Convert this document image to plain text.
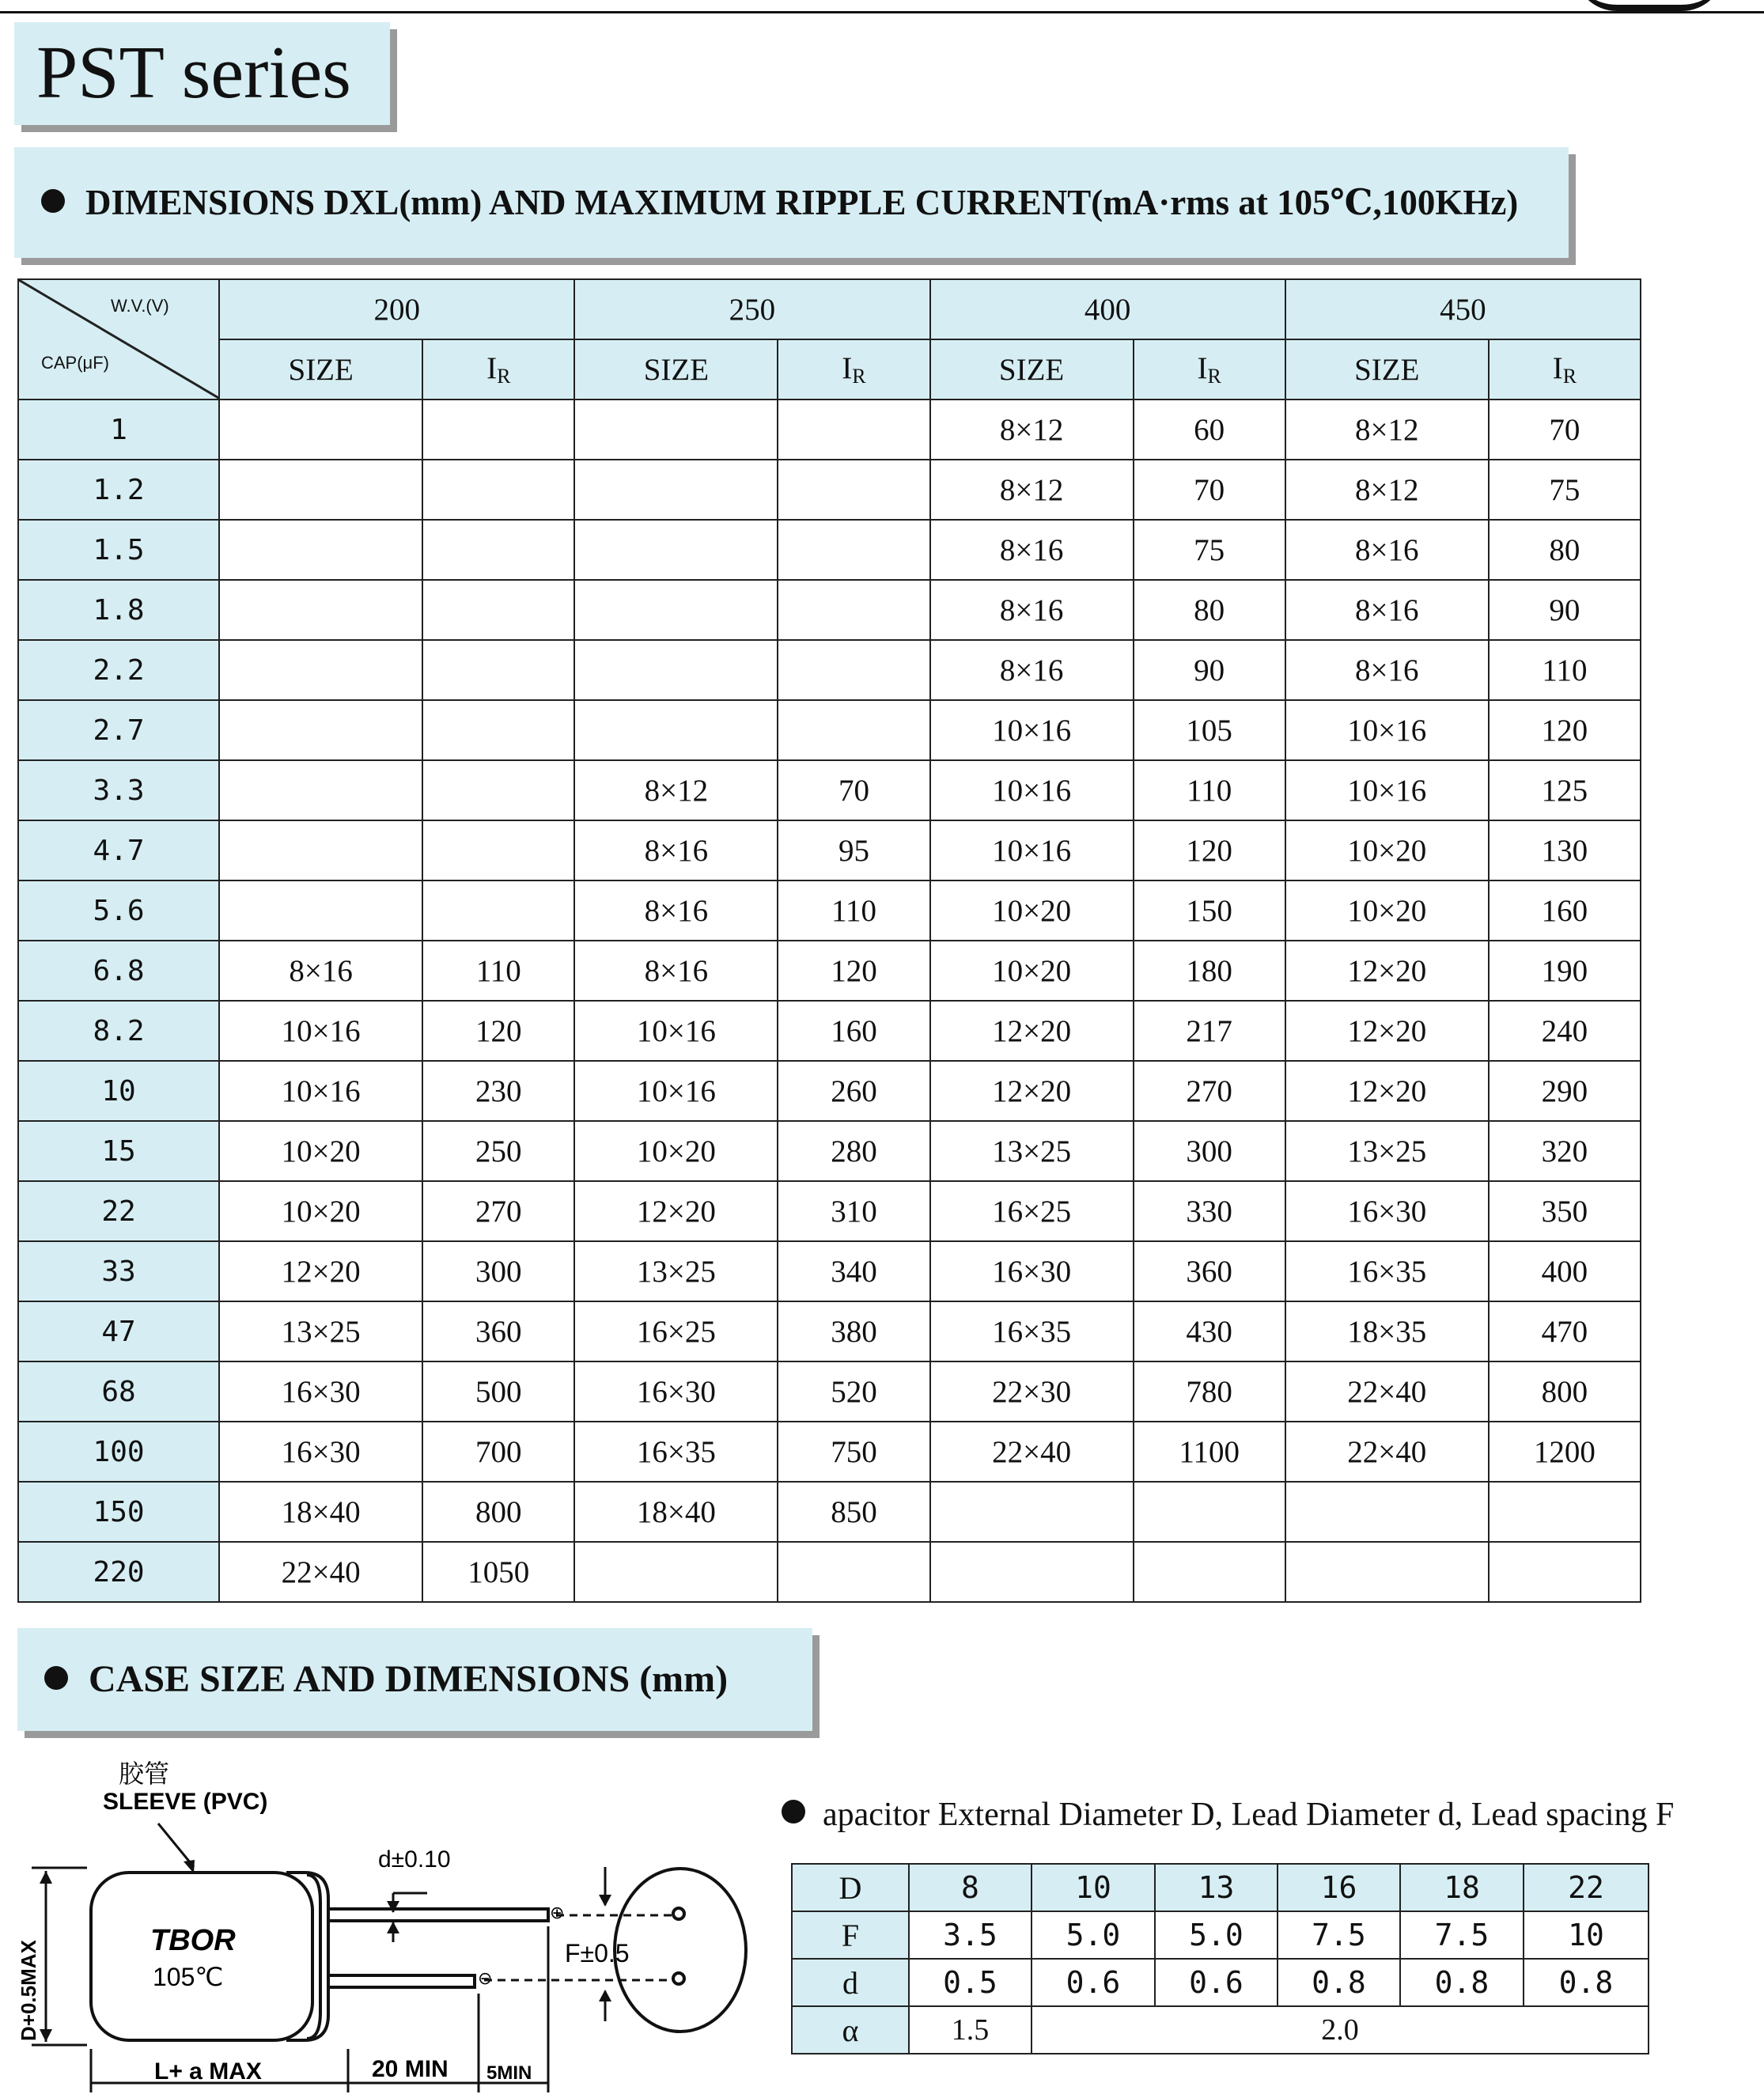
PST series
DIMENSIONS DXL(mm) AND MAXIMUM RIPPLE CURRENT(mA·rms at 105℃,100KHz)
W.V.(V)
CAP(μF)	200		250		400		450	
	SIZE	$I_R$	SIZE	$I_R$	SIZE	$I_R$	SIZE	$I_R$
1					8×12	60	8×12	70
1.2					8×12	70	8×12	75
1.5					8×16	75	8×16	80
1.8					8×16	80	8×16	90
2.2					8×16	90	8×16	110
2.7					10×16	105	10×16	120
3.3			8×12	70	10×16	110	10×16	125
4.7			8×16	95	10×16	120	10×20	130
5.6			8×16	110	10×20	150	10×20	160
6.8	8×16	110	8×16	120	10×20	180	12×20	190
8.2	10×16	120	10×16	160	12×20	217	12×20	240
10	10×16	230	10×16	260	12×20	270	12×20	290
15	10×20	250	10×20	280	13×25	300	13×25	320
22	10×20	270	12×20	310	16×25	330	16×30	350
33	12×20	300	13×25	340	16×30	360	16×35	400
47	13×25	360	16×25	380	16×35	430	18×35	470
68	16×30	500	16×30	520	22×30	780	22×40	800
100	16×30	700	16×35	750	22×40	1100	22×40	1200
150	18×40	800	18×40	850				
220	22×40	1050						
CASE SIZE AND DIMENSIONS (mm)
胶管
SLEEVE (PVC)
TBOR
105℃
d±0.10
D+0.5MAX
L+ a MAX	20 MIN 5MIN
F±0.5
⊕
⊖
apacitor External Diameter D, Lead Diameter d, Lead spacing F
D	8	10	13	16	18	22
F	3.5	5.0	5.0	7.5	7.5	10
d	0.5	0.6	0.6	0.8	0.8	0.8
α	1.5	2.0				
